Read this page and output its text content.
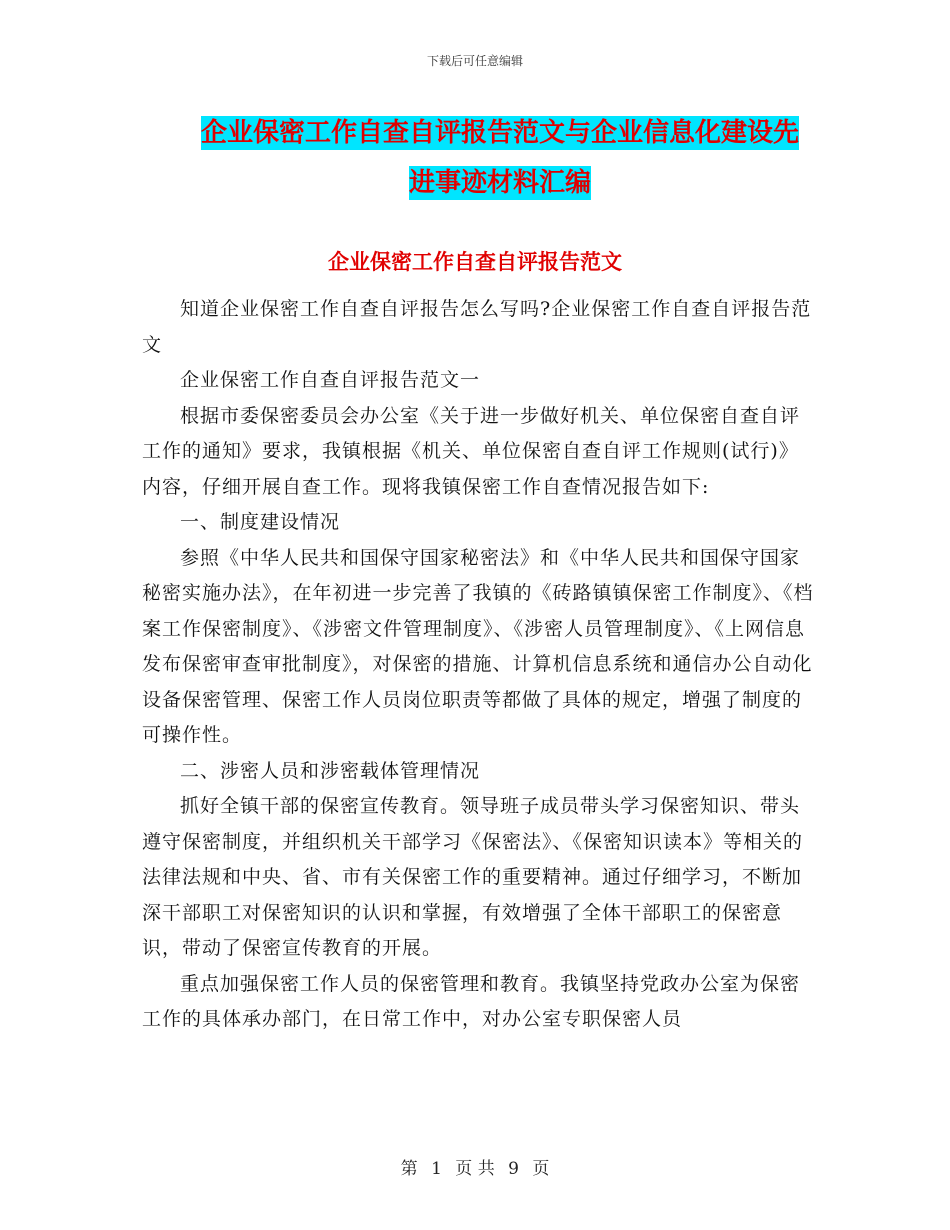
下载后可任意编辑
企业保密工作自查自评报告范文与企业信息化建设先
进事迹材料汇编
企业保密工作自查自评报告范文

知道企业保密工作自查自评报告怎么写吗?企业保密工作自查自评报告范文

企业保密工作自查自评报告范文一

根据市委保密委员会办公室《关于进一步做好机关、单位保密自查自评工作的通知》要求，我镇根据《机关、单位保密自查自评工作规则(试行)》内容，仔细开展自查工作。现将我镇保密工作自查情况报告如下:

一、制度建设情况

参照《中华人民共和国保守国家秘密法》和《中华人民共和国保守国家秘密实施办法》，在年初进一步完善了我镇的《砖路镇镇保密工作制度》、《档案工作保密制度》、《涉密文件管理制度》、《涉密人员管理制度》、《上网信息发布保密审查审批制度》，对保密的措施、计算机信息系统和通信办公自动化设备保密管理、保密工作人员岗位职责等都做了具体的规定，增强了制度的可操作性。

二、涉密人员和涉密载体管理情况

抓好全镇干部的保密宣传教育。领导班子成员带头学习保密知识、带头遵守保密制度，并组织机关干部学习《保密法》、《保密知识读本》等相关的法律法规和中央、省、市有关保密工作的重要精神。通过仔细学习，不断加深干部职工对保密知识的认识和掌握，有效增强了全体干部职工的保密意识，带动了保密宣传教育的开展。

重点加强保密工作人员的保密管理和教育。我镇坚持党政办公室为保密工作的具体承办部门，在日常工作中，对办公室专职保密人员

第 1 页 共 9 页
